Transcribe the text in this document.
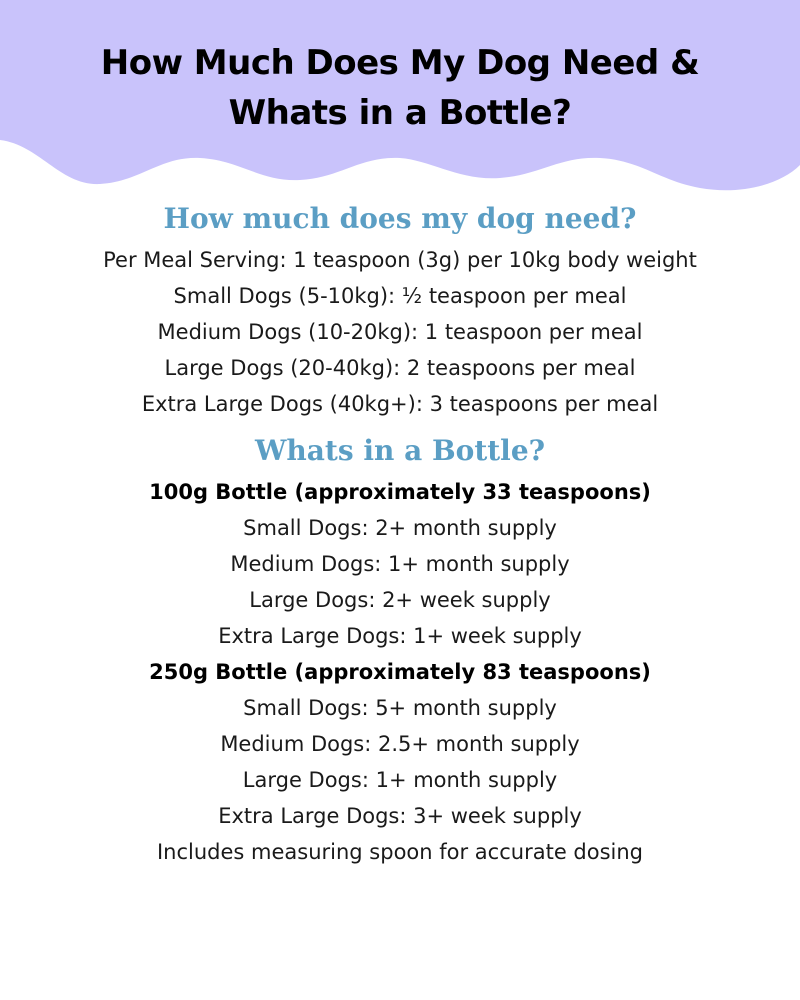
How Much Does My Dog Need &
Whats in a Bottle?
How much does my dog need?
Per Meal Serving: 1 teaspoon (3g) per 10kg body weight
Small Dogs (5-10kg): ½ teaspoon per meal
Medium Dogs (10-20kg): 1 teaspoon per meal
Large Dogs (20-40kg): 2 teaspoons per meal
Extra Large Dogs (40kg+): 3 teaspoons per meal
Whats in a Bottle?

100g Bottle (approximately 33 teaspoons)

Small Dogs: 2+ month supply
Medium Dogs: 1+ month supply
Large Dogs: 2+ week supply
Extra Large Dogs: 1+ week supply

250g Bottle (approximately 83 teaspoons)

Small Dogs: 5+ month supply
Medium Dogs: 2.5+ month supply
Large Dogs: 1+ month supply
Extra Large Dogs: 3+ week supply
Includes measuring spoon for accurate dosing
